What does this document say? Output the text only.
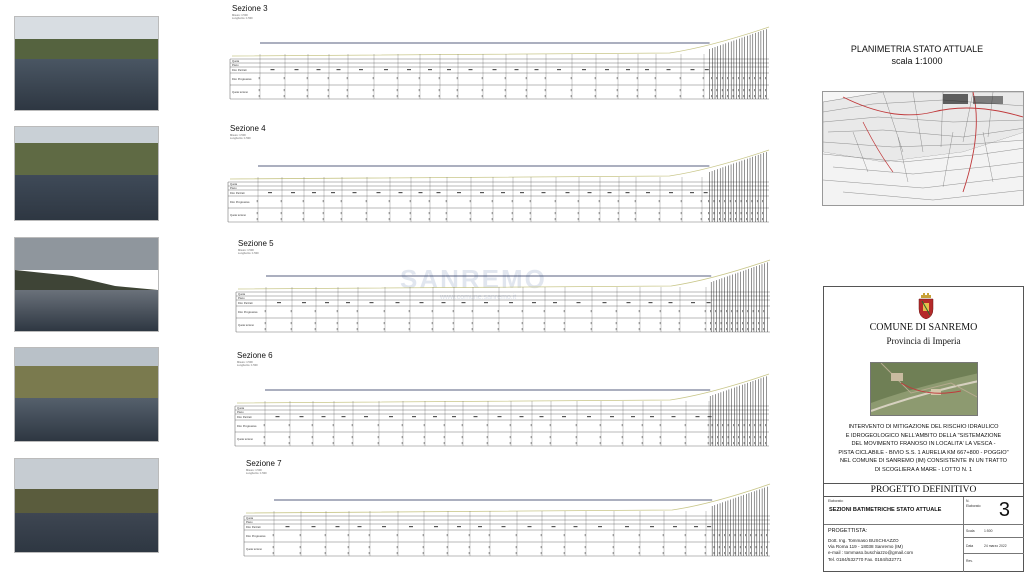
SANREMO
www.comune.sanremo.it
Sezione 3
Misure: 1:500
Lunghezze: 1:500
Quota
Piano
Dist. Parziali
Dist. Progressive
Quote terreno
Sezione 4
Misure: 1:500
Lunghezze: 1:500
Quota
Piano
Dist. Parziali
Dist. Progressive
Quote terreno
Sezione 5
Misure: 1:500
Lunghezze: 1:500
Quota
Piano
Dist. Parziali
Dist. Progressive
Quote terreno
Sezione 6
Misure: 1:500
Lunghezze: 1:500
Quota
Piano
Dist. Parziali
Dist. Progressive
Quote terreno
Sezione 7
Misure: 1:500
Lunghezze: 1:500
Quota
Piano
Dist. Parziali
Dist. Progressive
Quote terreno
PLANIMETRIA STATO ATTUALE
scala 1:1000
COMUNE DI SANREMO
Provincia di Imperia
INTERVENTO DI MITIGAZIONE DEL RISCHIO IDRAULICO
E IDROGEOLOGICO NELL'AMBITO DELLA "SISTEMAZIONE
DEL MOVIMENTO FRANOSO IN LOCALITA' LA VESCA -
PISTA CICLABILE - BIVIO S.S. 1 AURELIA KM 667+800 - POGGIO"
NEL COMUNE DI SANREMO (IM) CONSISTENTE IN UN TRATTO
DI SCOGLIERA A MARE - LOTTO N. 1
PROGETTO DEFINITIVO
Elaborato:
SEZIONI BATIMETRICHE STATO ATTUALE
N.
Elaborato 3
PROGETTISTA:
Dott. Ing. Tommaso BUSCHIAZZO
Via Roma 119 - 18038 Sanremo (IM)
e-mail : tommaso.buschiazzo@gmail.com
Tel. 0184/532770 Fax. 0184/532771
Scala	1:500
Data	24 marzo 2022
Rev.
